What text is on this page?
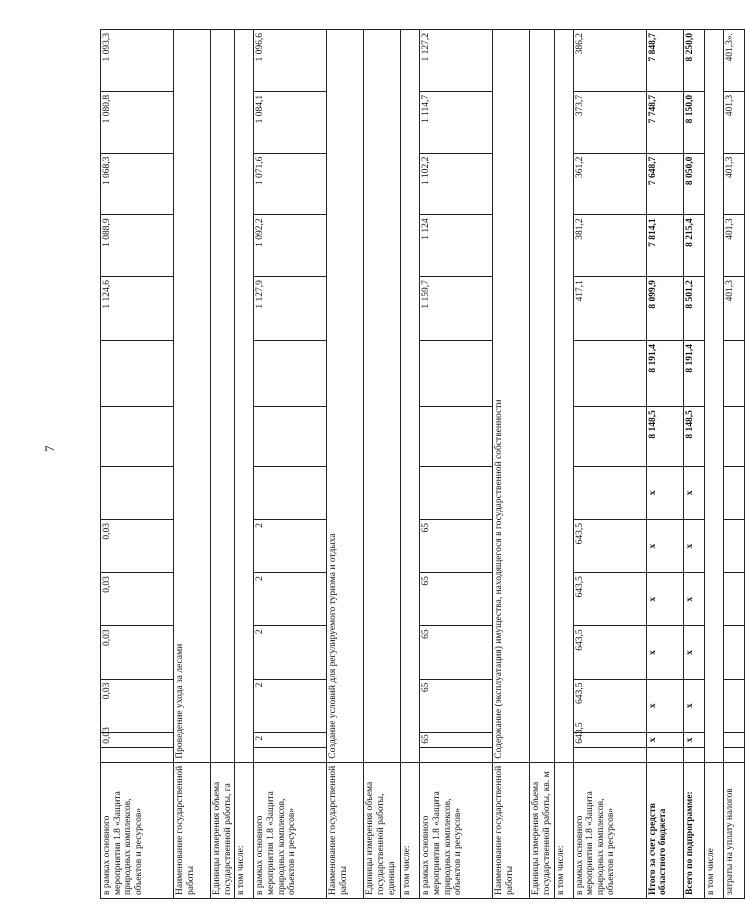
7
в рамках основного мероприятия 1.8 «Защита природных комплексов, объектов и ресурсов»		0,03	0,03	0,03	0,03	0,03				1 124,6	1 088,9	1 068,3	1 080,8	1 093,3
Наименование государственной работы	Проведение ухода за лесами													
Единицы измерения объема государственной работы, га														
в том числе:														
в рамках основного мероприятия 1.8 «Защита природных комплексов, объектов и ресурсов»		2	2	2	2	2				1 127,9	1 092,2	1 071,6	1 084,1	1 096,6
Наименование государственной работы	Создание условий для регулируемого туризма и отдыха													
Единицы измерения объема государственной работы, единица														
в том числе:														
в рамках основного мероприятия 1.8 «Защита природных комплексов, объектов и ресурсов»		65	65	65	65	65				1 159,7	1 124	1 102,2	1 114,7	1 127,2
Наименование государственной работы	Содержание (эксплуатация) имущества, находящегося в государственной собственности													
Единицы измерения объема государственной работы, кв. м														
в том числе:														
в рамках основного мероприятия 1.8 «Защита природных комплексов, объектов и ресурсов»		643,5	643,5	643,5	643,5	643,5				417,1	381,2	361,2	373,7	386,2
Итого за счет средств областного бюджета		х	х	х	х	х	х	8 148,5	8 191,4	8 099,9	7 814,1	7 648,7	7 748,7	7 848,7
Всего по подпрограмме:		х	х	х	х	х	х	8 148,5	8 191,4	8 501,2	8 215,4	8 050,0	8 150,0	8 250,0
в том числе														
затраты на уплату налогов										401,3	401,3	401,3	401,3	401,3».
